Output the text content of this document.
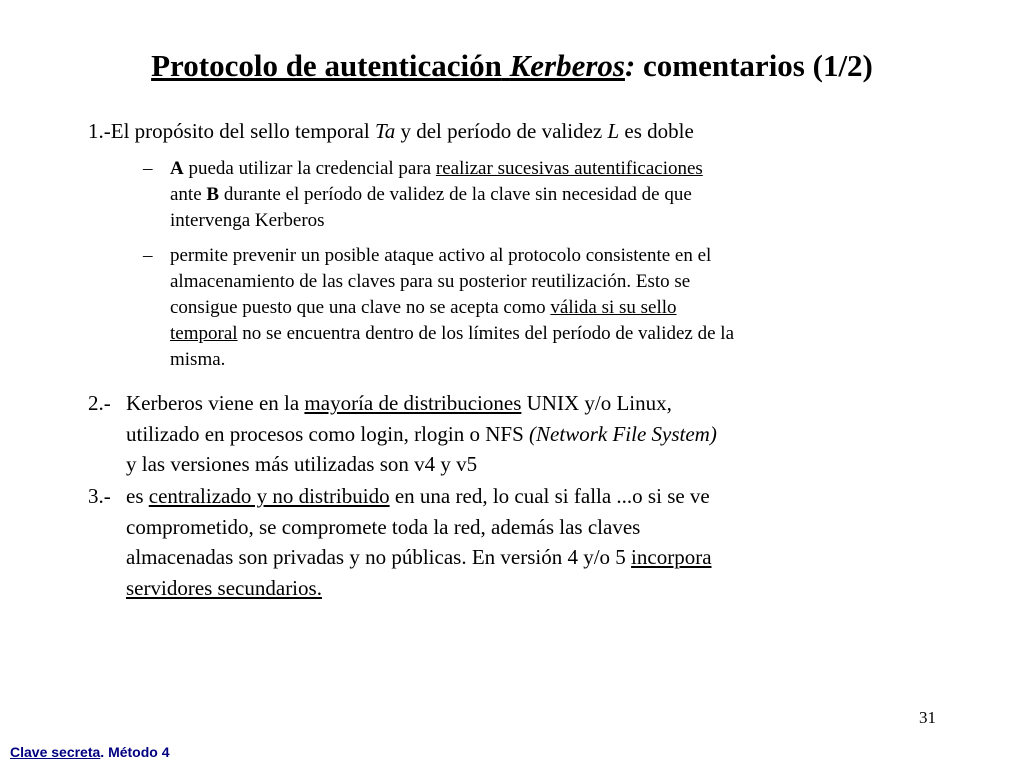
Protocolo de autenticación Kerberos: comentarios (1/2)
1.-El propósito del sello temporal Ta y del período de validez L es doble
– A pueda utilizar la credencial para realizar sucesivas autentificaciones
ante B durante el período de validez de la clave sin necesidad de que
intervenga Kerberos
– permite prevenir un posible ataque activo al protocolo consistente en el
almacenamiento de las claves para su posterior reutilización. Esto se
consigue puesto que una clave no se acepta como válida si su sello
temporal no se encuentra dentro de los límites del período de validez de la
misma.
2.- Kerberos viene en la mayoría de distribuciones UNIX y/o Linux,
utilizado en procesos como login, rlogin o NFS (Network File System)
y las versiones más utilizadas son v4 y v5
3.- es centralizado y no distribuido en una red, lo cual si falla ...o si se ve
comprometido, se compromete toda la red, además las claves
almacenadas son privadas y no públicas. En versión 4 y/o 5 incorpora
servidores secundarios.
31
Clave secreta. Método 4
